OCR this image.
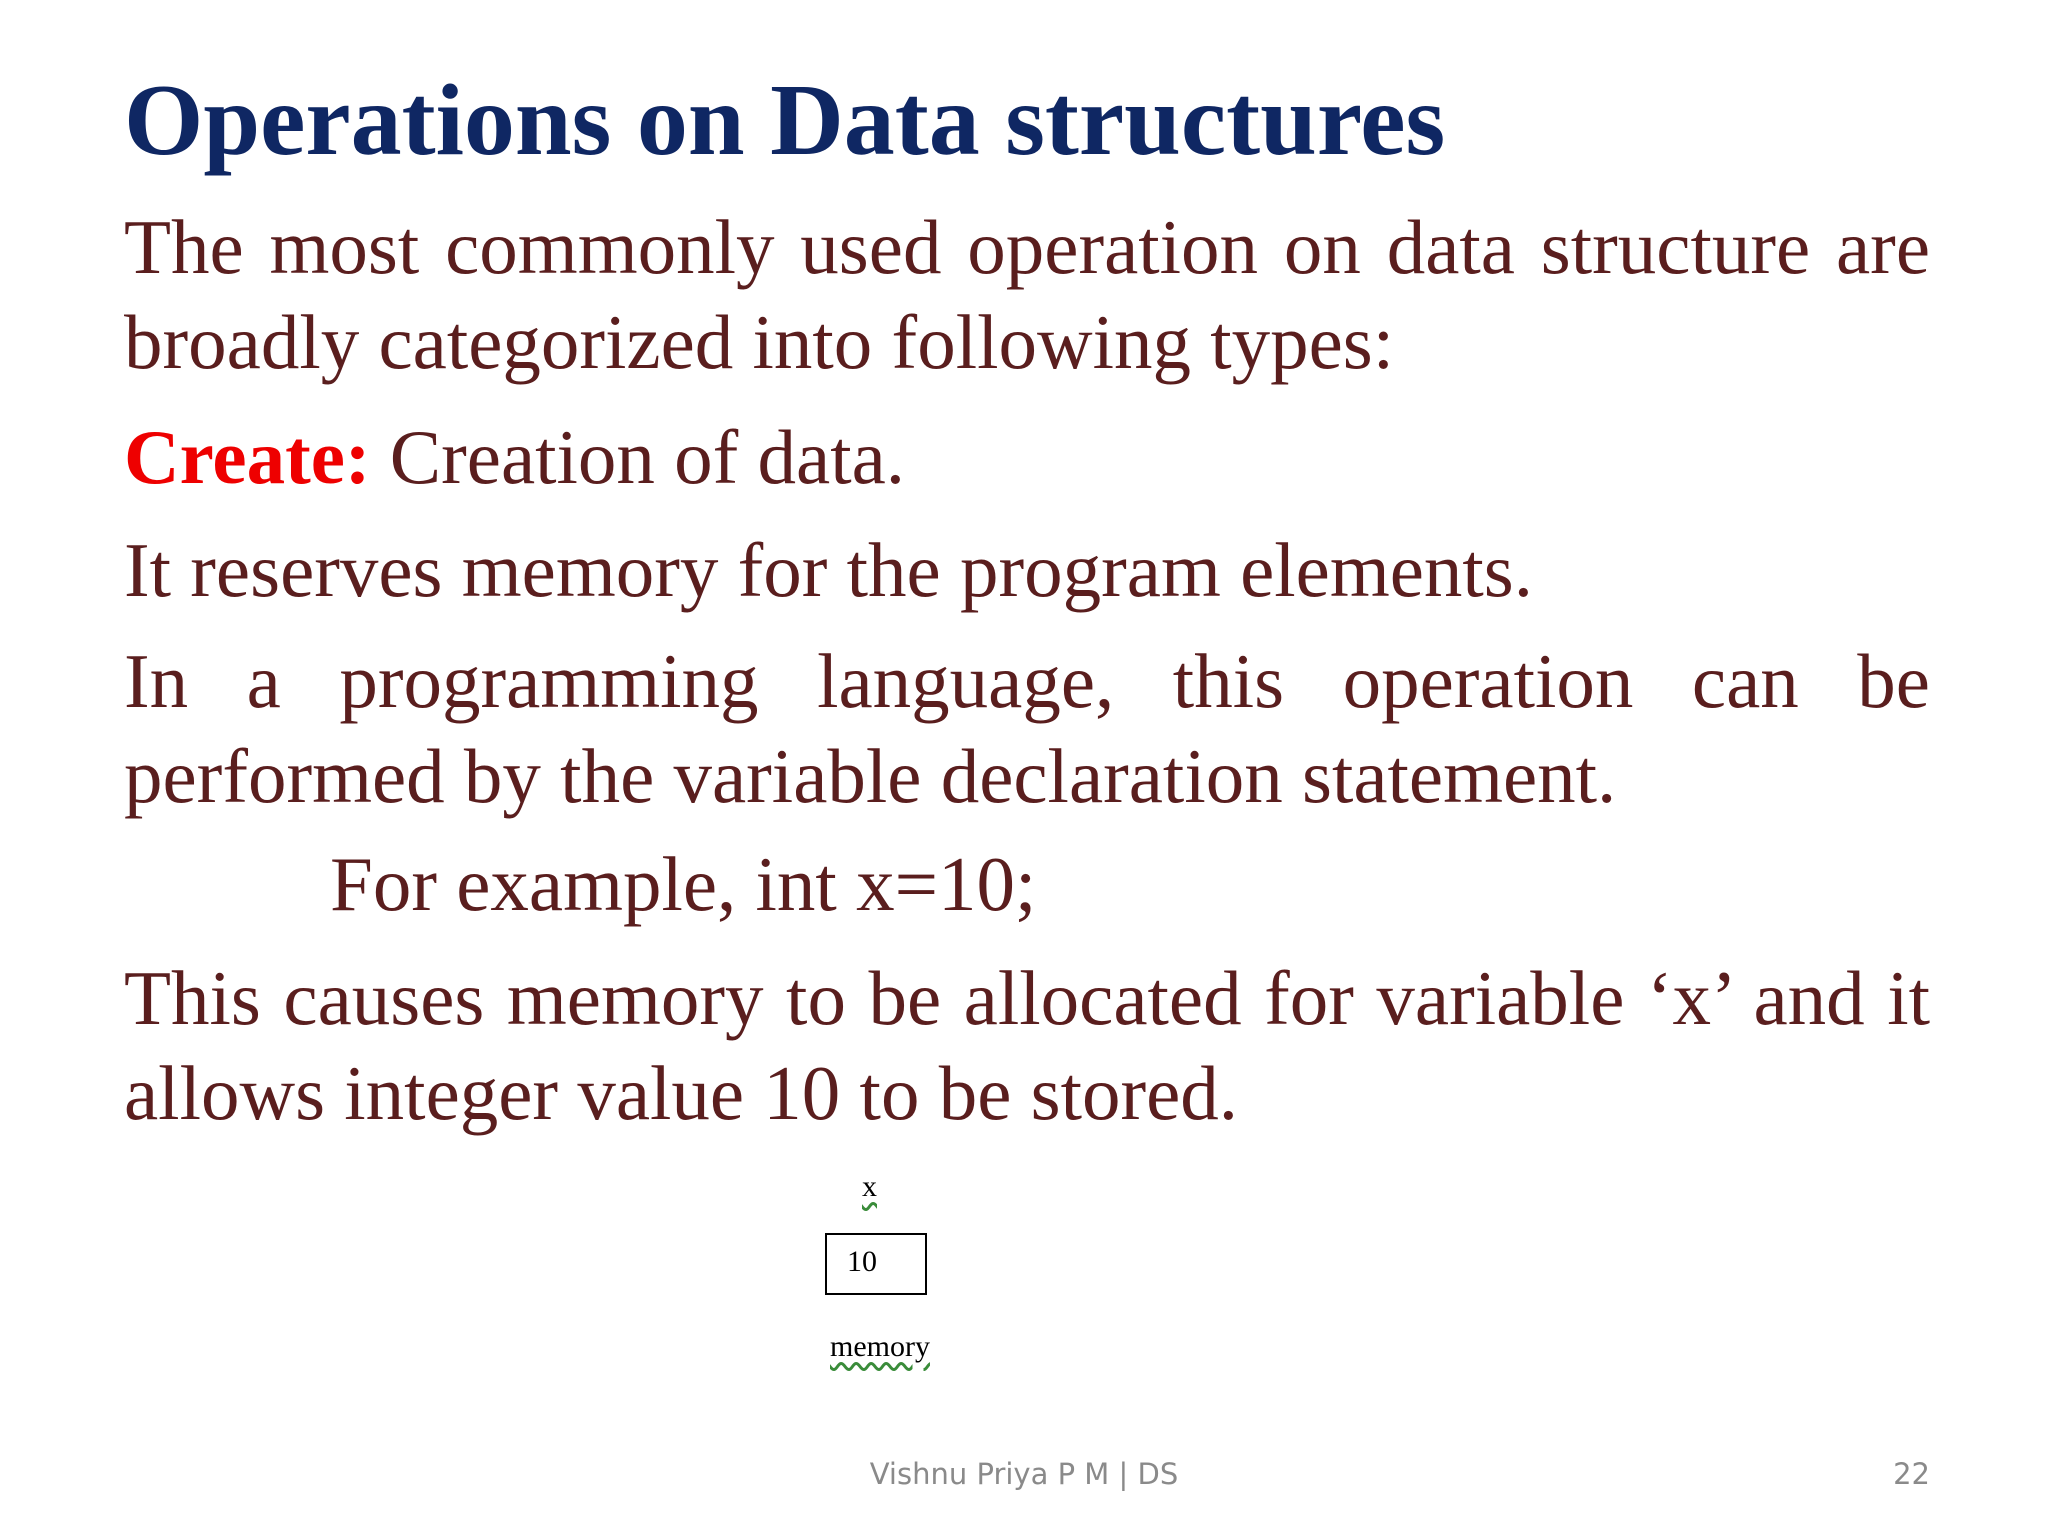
Operations on Data structures

The most commonly used operation on data structure are broadly categorized into following types:

Create: Creation of data.

It reserves memory for the program elements.

In a programming language, this operation can be performed by the variable declaration statement.

For example, int x=10;

This causes memory to be allocated for variable ‘x’ and it allows integer value 10 to be stored.

x
10
memory
Vishnu Priya P M | DS	22
